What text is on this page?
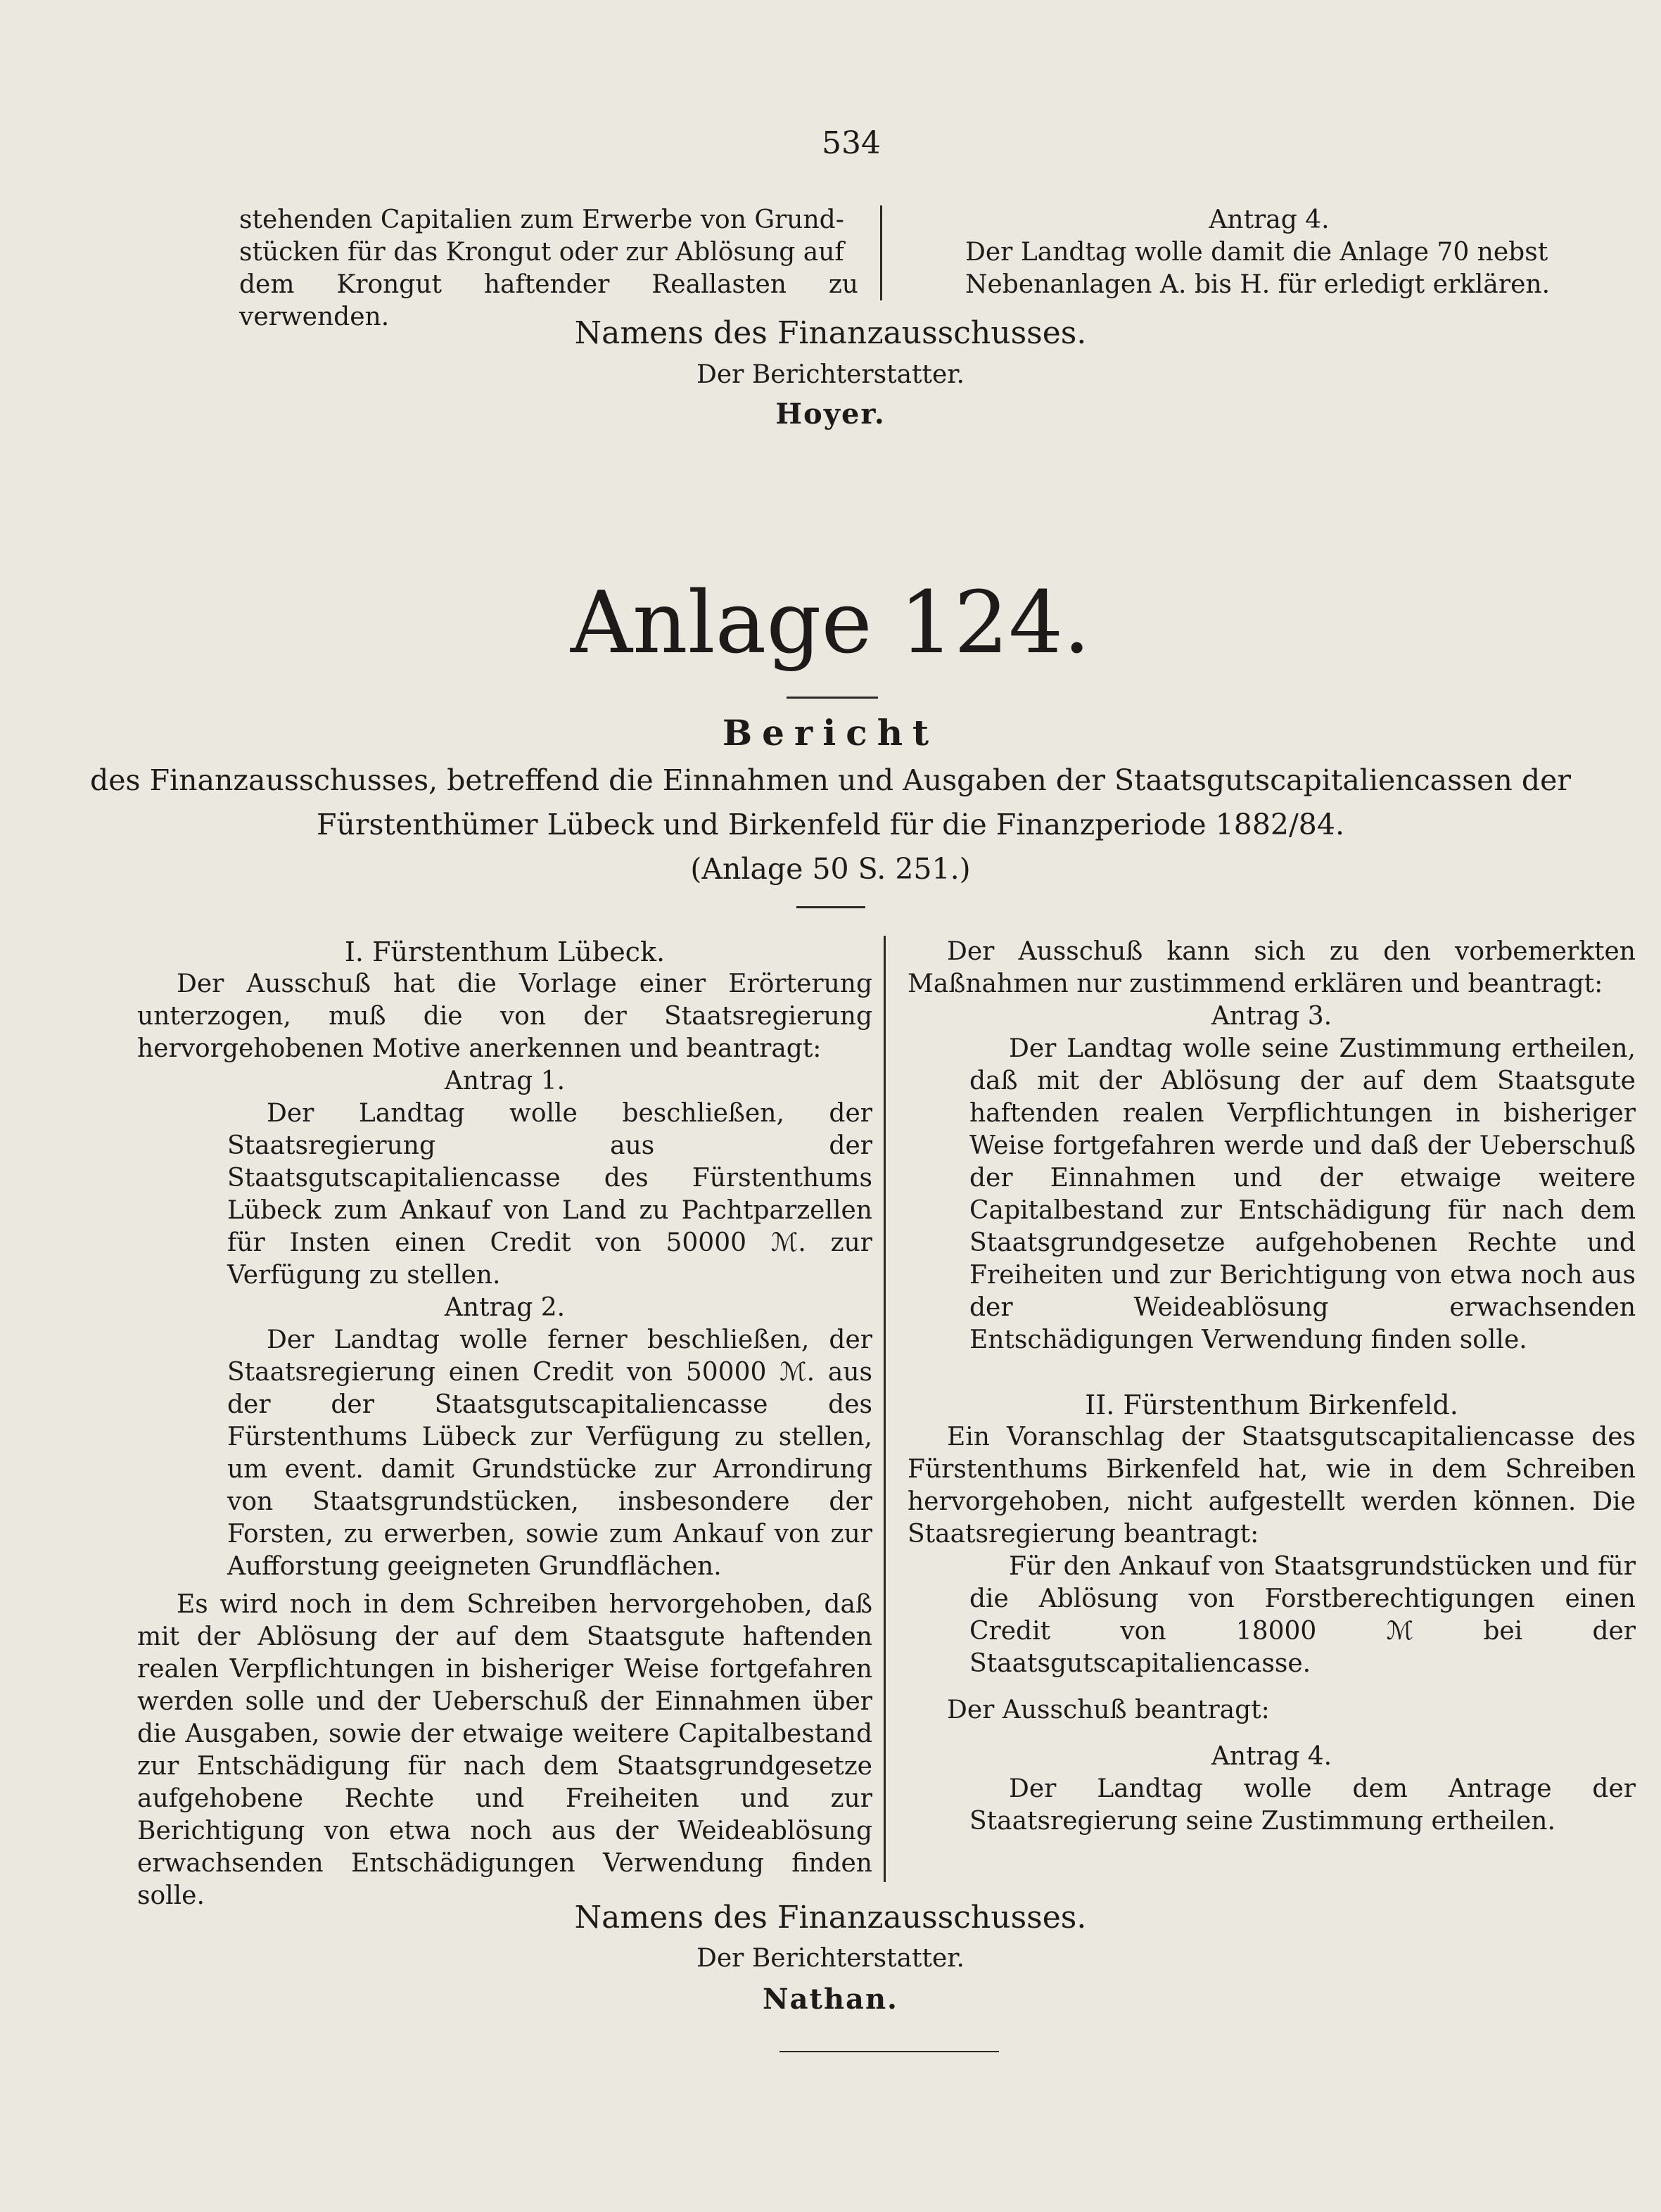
534

stehenden Capitalien zum Erwerbe von Grund-

stücken für das Krongut oder zur Ablösung auf

dem Krongut haftender Reallasten zu verwenden.

Antrag 4.

Der Landtag wolle damit die Anlage 70 nebst

Nebenanlagen A. bis H. für erledigt erklären.

Namens des Finanzausschusses.
Der Berichterstatter.
Hoyer.
Anlage 124.
Bericht
des Finanzausschusses, betreffend die Einnahmen und Ausgaben der Staatsgutscapitaliencassen der
Fürstenthümer Lübeck und Birkenfeld für die Finanzperiode 1882/84.
(Anlage 50 S. 251.)

I. Fürstenthum Lübeck.

Der Ausschuß hat die Vorlage einer Erörterung unterzogen, muß die von der Staatsregierung hervorgehobenen Motive anerkennen und beantragt:

Antrag 1.

Der Landtag wolle beschließen, der Staatsregierung aus der Staatsgutscapitaliencasse des Fürstenthums Lübeck zum Ankauf von Land zu Pachtparzellen für Insten einen Credit von 50000 ℳ. zur Verfügung zu stellen.

Antrag 2.

Der Landtag wolle ferner beschließen, der Staatsregierung einen Credit von 50000 ℳ. aus der der Staatsgutscapitaliencasse des Fürstenthums Lübeck zur Verfügung zu stellen, um event. damit Grundstücke zur Arrondirung von Staatsgrundstücken, insbesondere der Forsten, zu erwerben, sowie zum Ankauf von zur Aufforstung geeigneten Grundflächen.

Es wird noch in dem Schreiben hervorgehoben, daß mit der Ablösung der auf dem Staatsgute haftenden realen Verpflichtungen in bisheriger Weise fortgefahren werden solle und der Ueberschuß der Einnahmen über die Ausgaben, sowie der etwaige weitere Capitalbestand zur Entschädigung für nach dem Staatsgrundgesetze aufgehobene Rechte und Freiheiten und zur Berichtigung von etwa noch aus der Weideablösung erwachsenden Entschädigungen Verwendung finden solle.

Der Ausschuß kann sich zu den vorbemerkten Maßnahmen nur zustimmend erklären und beantragt:

Antrag 3.

Der Landtag wolle seine Zustimmung ertheilen, daß mit der Ablösung der auf dem Staatsgute haftenden realen Verpflichtungen in bisheriger Weise fortgefahren werde und daß der Ueberschuß der Einnahmen und der etwaige weitere Capitalbestand zur Entschädigung für nach dem Staatsgrundgesetze aufgehobenen Rechte und Freiheiten und zur Berichtigung von etwa noch aus der Weideablösung erwachsenden Entschädigungen Verwendung finden solle.

II. Fürstenthum Birkenfeld.

Ein Voranschlag der Staatsgutscapitaliencasse des Fürstenthums Birkenfeld hat, wie in dem Schreiben hervorgehoben, nicht aufgestellt werden können. Die Staatsregierung beantragt:

Für den Ankauf von Staatsgrundstücken und für die Ablösung von Forstberechtigungen einen Credit von 18000 ℳ bei der Staatsgutscapitaliencasse.

Der Ausschuß beantragt:

Antrag 4.

Der Landtag wolle dem Antrage der Staatsregierung seine Zustimmung ertheilen.

Namens des Finanzausschusses.
Der Berichterstatter.
Nathan.
